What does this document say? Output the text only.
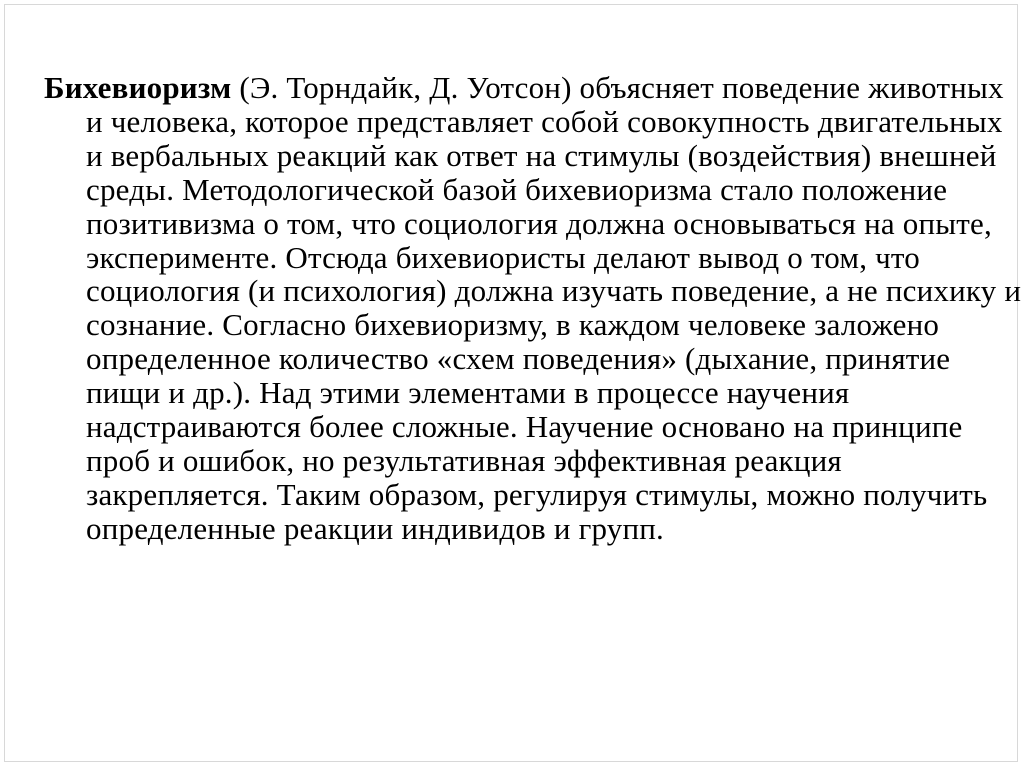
Бихевиоризм (Э. Торндайк, Д. Уотсон) объясняет поведение животных и человека, которое представляет собой совокупность двигательных и вербальных реакций как ответ на стимулы (воздействия) внешней среды. Методологической базой бихевиоризма стало положение позитивизма о том, что социология должна основываться на опыте, эксперименте. Отсюда бихевиористы делают вывод о том, что социология (и психология) должна изучать поведение, а не психику и сознание. Согласно бихевиоризму, в каждом человеке заложено определенное количество «схем поведения» (дыхание, принятие пищи и др.). Над этими элементами в процессе научения надстраиваются более сложные. Научение основано на принципе проб и ошибок, но результативная эффективная реакция закрепляется. Таким образом, регулируя стимулы, можно получить определенные реакции индивидов и групп.
